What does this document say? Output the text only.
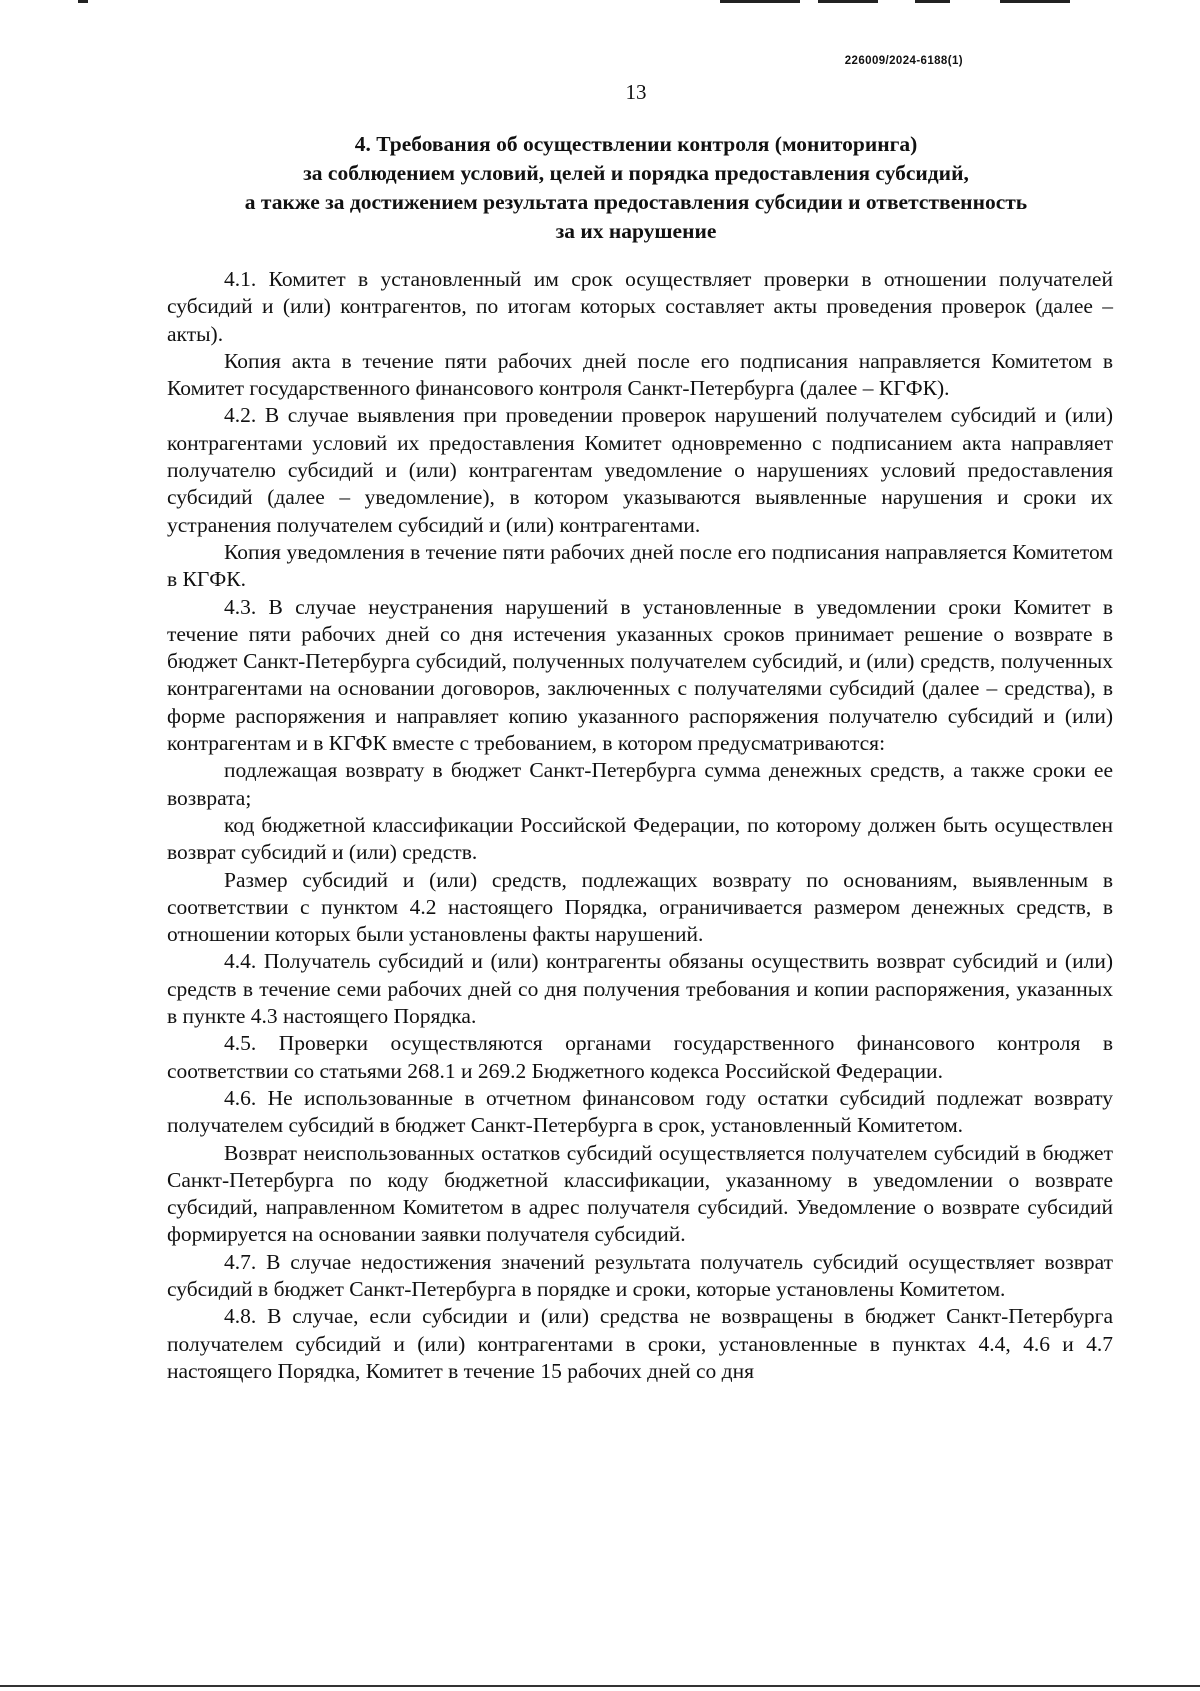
226009/2024-6188(1)
13
4. Требования об осуществлении контроля (мониторинга)
за соблюдением условий, целей и порядка предоставления субсидий,
а также за достижением результата предоставления субсидии и ответственность
за их нарушение

4.1. Комитет в установленный им срок осуществляет проверки в отношении получателей субсидий и (или) контрагентов, по итогам которых составляет акты проведения проверок (далее – акты).

Копия акта в течение пяти рабочих дней после его подписания направляется Комитетом в Комитет государственного финансового контроля Санкт-Петербурга (далее – КГФК).

4.2. В случае выявления при проведении проверок нарушений получателем субсидий и (или) контрагентами условий их предоставления Комитет одновременно с подписанием акта направляет получателю субсидий и (или) контрагентам уведомление о нарушениях условий предоставления субсидий (далее – уведомление), в котором указываются выявленные нарушения и сроки их устранения получателем субсидий и (или) контрагентами.

Копия уведомления в течение пяти рабочих дней после его подписания направляется Комитетом в КГФК.

4.3. В случае неустранения нарушений в установленные в уведомлении сроки Комитет в течение пяти рабочих дней со дня истечения указанных сроков принимает решение о возврате в бюджет Санкт-Петербурга субсидий, полученных получателем субсидий, и (или) средств, полученных контрагентами на основании договоров, заключенных с получателями субсидий (далее – средства), в форме распоряжения и направляет копию указанного распоряжения получателю субсидий и (или) контрагентам и в КГФК вместе с требованием, в котором предусматриваются:

подлежащая возврату в бюджет Санкт-Петербурга сумма денежных средств, а также сроки ее возврата;

код бюджетной классификации Российской Федерации, по которому должен быть осуществлен возврат субсидий и (или) средств.

Размер субсидий и (или) средств, подлежащих возврату по основаниям, выявленным в соответствии с пунктом 4.2 настоящего Порядка, ограничивается размером денежных средств, в отношении которых были установлены факты нарушений.

4.4. Получатель субсидий и (или) контрагенты обязаны осуществить возврат субсидий и (или) средств в течение семи рабочих дней со дня получения требования и копии распоряжения, указанных в пункте 4.3 настоящего Порядка.

4.5. Проверки осуществляются органами государственного финансового контроля в соответствии со статьями 268.1 и 269.2 Бюджетного кодекса Российской Федерации.

4.6. Не использованные в отчетном финансовом году остатки субсидий подлежат возврату получателем субсидий в бюджет Санкт-Петербурга в срок, установленный Комитетом.

Возврат неиспользованных остатков субсидий осуществляется получателем субсидий в бюджет Санкт-Петербурга по коду бюджетной классификации, указанному в уведомлении о возврате субсидий, направленном Комитетом в адрес получателя субсидий. Уведомление о возврате субсидий формируется на основании заявки получателя субсидий.

4.7. В случае недостижения значений результата получатель субсидий осуществляет возврат субсидий в бюджет Санкт-Петербурга в порядке и сроки, которые установлены Комитетом.

4.8. В случае, если субсидии и (или) средства не возвращены в бюджет Санкт-Петербурга получателем субсидий и (или) контрагентами в сроки, установленные в пунктах 4.4, 4.6 и 4.7 настоящего Порядка, Комитет в течение 15 рабочих дней со дня
